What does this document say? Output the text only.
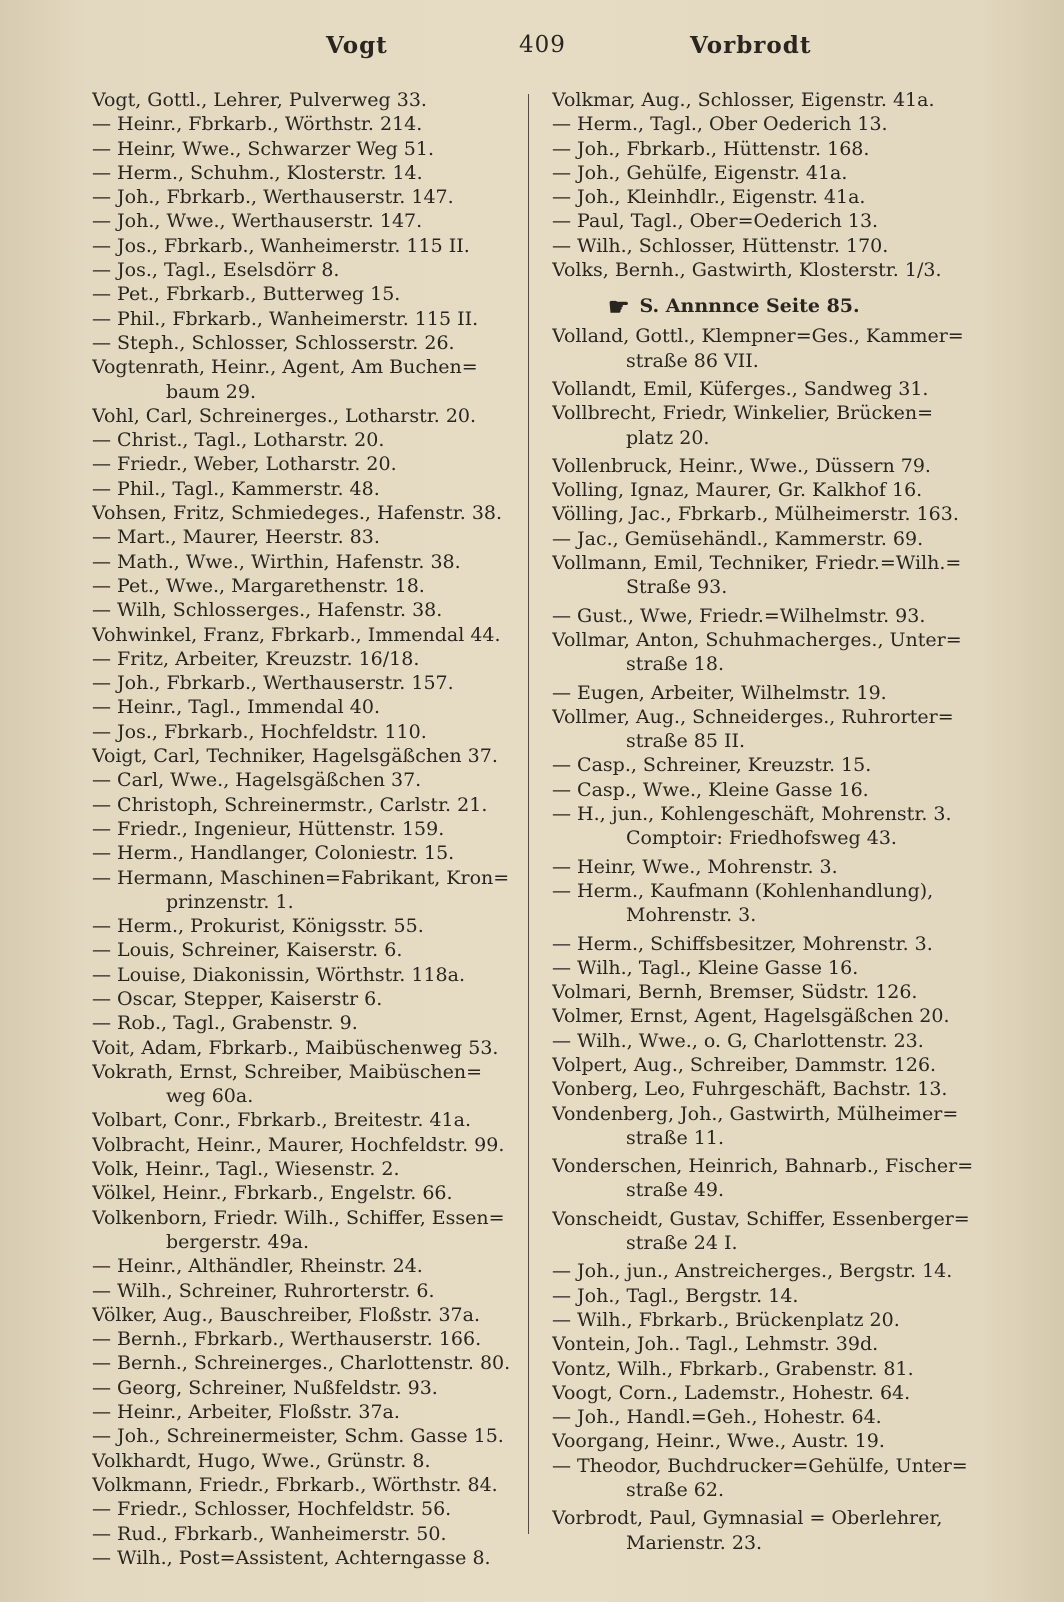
Vogt	409	Vorbrodt
Vogt, Gottl., Lehrer, Pulverweg 33.
— Heinr., Fbrkarb., Wörthstr. 214.
— Heinr, Wwe., Schwarzer Weg 51.
— Herm., Schuhm., Klosterstr. 14.
— Joh., Fbrkarb., Werthauserstr. 147.
— Joh., Wwe., Werthauserstr. 147.
— Jos., Fbrkarb., Wanheimerstr. 115 II.
— Jos., Tagl., Eselsdörr 8.
— Pet., Fbrkarb., Butterweg 15.
— Phil., Fbrkarb., Wanheimerstr. 115 II.
— Steph., Schlosser, Schlosserstr. 26.
Vogtenrath, Heinr., Agent, Am Buchen=
baum 29.
Vohl, Carl, Schreinerges., Lotharstr. 20.
— Christ., Tagl., Lotharstr. 20.
— Friedr., Weber, Lotharstr. 20.
— Phil., Tagl., Kammerstr. 48.
Vohsen, Fritz, Schmiedeges., Hafenstr. 38.
— Mart., Maurer, Heerstr. 83.
— Math., Wwe., Wirthin, Hafenstr. 38.
— Pet., Wwe., Margarethenstr. 18.
— Wilh, Schlosserges., Hafenstr. 38.
Vohwinkel, Franz, Fbrkarb., Immendal 44.
— Fritz, Arbeiter, Kreuzstr. 16/18.
— Joh., Fbrkarb., Werthauserstr. 157.
— Heinr., Tagl., Immendal 40.
— Jos., Fbrkarb., Hochfeldstr. 110.
Voigt, Carl, Techniker, Hagelsgäßchen 37.
— Carl, Wwe., Hagelsgäßchen 37.
— Christoph, Schreinermstr., Carlstr. 21.
— Friedr., Ingenieur, Hüttenstr. 159.
— Herm., Handlanger, Coloniestr. 15.
— Hermann, Maschinen=Fabrikant, Kron=
prinzenstr. 1.
— Herm., Prokurist, Königsstr. 55.
— Louis, Schreiner, Kaiserstr. 6.
— Louise, Diakonissin, Wörthstr. 118a.
— Oscar, Stepper, Kaiserstr 6.
— Rob., Tagl., Grabenstr. 9.
Voit, Adam, Fbrkarb., Maibüschenweg 53.
Vokrath, Ernst, Schreiber, Maibüschen=
weg 60a.
Volbart, Conr., Fbrkarb., Breitestr. 41a.
Volbracht, Heinr., Maurer, Hochfeldstr. 99.
Volk, Heinr., Tagl., Wiesenstr. 2.
Völkel, Heinr., Fbrkarb., Engelstr. 66.
Volkenborn, Friedr. Wilh., Schiffer, Essen=
bergerstr. 49a.
— Heinr., Althändler, Rheinstr. 24.
— Wilh., Schreiner, Ruhrorterstr. 6.
Völker, Aug., Bauschreiber, Floßstr. 37a.
— Bernh., Fbrkarb., Werthauserstr. 166.
— Bernh., Schreinerges., Charlottenstr. 80.
— Georg, Schreiner, Nußfeldstr. 93.
— Heinr., Arbeiter, Floßstr. 37a.
— Joh., Schreinermeister, Schm. Gasse 15.
Volkhardt, Hugo, Wwe., Grünstr. 8.
Volkmann, Friedr., Fbrkarb., Wörthstr. 84.
— Friedr., Schlosser, Hochfeldstr. 56.
— Rud., Fbrkarb., Wanheimerstr. 50.
— Wilh., Post=Assistent, Achterngasse 8.
Volkmar, Aug., Schlosser, Eigenstr. 41a.
— Herm., Tagl., Ober Oederich 13.
— Joh., Fbrkarb., Hüttenstr. 168.
— Joh., Gehülfe, Eigenstr. 41a.
— Joh., Kleinhdlr., Eigenstr. 41a.
— Paul, Tagl., Ober=Oederich 13.
— Wilh., Schlosser, Hüttenstr. 170.
Volks, Bernh., Gastwirth, Klosterstr. 1/3.
☛ S. Annnnce Seite 85.
Volland, Gottl., Klempner=Ges., Kammer=
straße 86 VII.
Vollandt, Emil, Küferges., Sandweg 31.
Vollbrecht, Friedr, Winkelier, Brücken=
platz 20.
Vollenbruck, Heinr., Wwe., Düssern 79.
Volling, Ignaz, Maurer, Gr. Kalkhof 16.
Völling, Jac., Fbrkarb., Mülheimerstr. 163.
— Jac., Gemüsehändl., Kammerstr. 69.
Vollmann, Emil, Techniker, Friedr.=Wilh.=
Straße 93.
— Gust., Wwe, Friedr.=Wilhelmstr. 93.
Vollmar, Anton, Schuhmacherges., Unter=
straße 18.
— Eugen, Arbeiter, Wilhelmstr. 19.
Vollmer, Aug., Schneiderges., Ruhrorter=
straße 85 II.
— Casp., Schreiner, Kreuzstr. 15.
— Casp., Wwe., Kleine Gasse 16.
— H., jun., Kohlengeschäft, Mohrenstr. 3.
Comptoir: Friedhofsweg 43.
— Heinr, Wwe., Mohrenstr. 3.
— Herm., Kaufmann (Kohlenhandlung),
Mohrenstr. 3.
— Herm., Schiffsbesitzer, Mohrenstr. 3.
— Wilh., Tagl., Kleine Gasse 16.
Volmari, Bernh, Bremser, Südstr. 126.
Volmer, Ernst, Agent, Hagelsgäßchen 20.
— Wilh., Wwe., o. G, Charlottenstr. 23.
Volpert, Aug., Schreiber, Dammstr. 126.
Vonberg, Leo, Fuhrgeschäft, Bachstr. 13.
Vondenberg, Joh., Gastwirth, Mülheimer=
straße 11.
Vonderschen, Heinrich, Bahnarb., Fischer=
straße 49.
Vonscheidt, Gustav, Schiffer, Essenberger=
straße 24 I.
— Joh., jun., Anstreicherges., Bergstr. 14.
— Joh., Tagl., Bergstr. 14.
— Wilh., Fbrkarb., Brückenplatz 20.
Vontein, Joh.. Tagl., Lehmstr. 39d.
Vontz, Wilh., Fbrkarb., Grabenstr. 81.
Voogt, Corn., Lademstr., Hohestr. 64.
— Joh., Handl.=Geh., Hohestr. 64.
Voorgang, Heinr., Wwe., Austr. 19.
— Theodor, Buchdrucker=Gehülfe, Unter=
straße 62.
Vorbrodt, Paul, Gymnasial = Oberlehrer,
Marienstr. 23.
